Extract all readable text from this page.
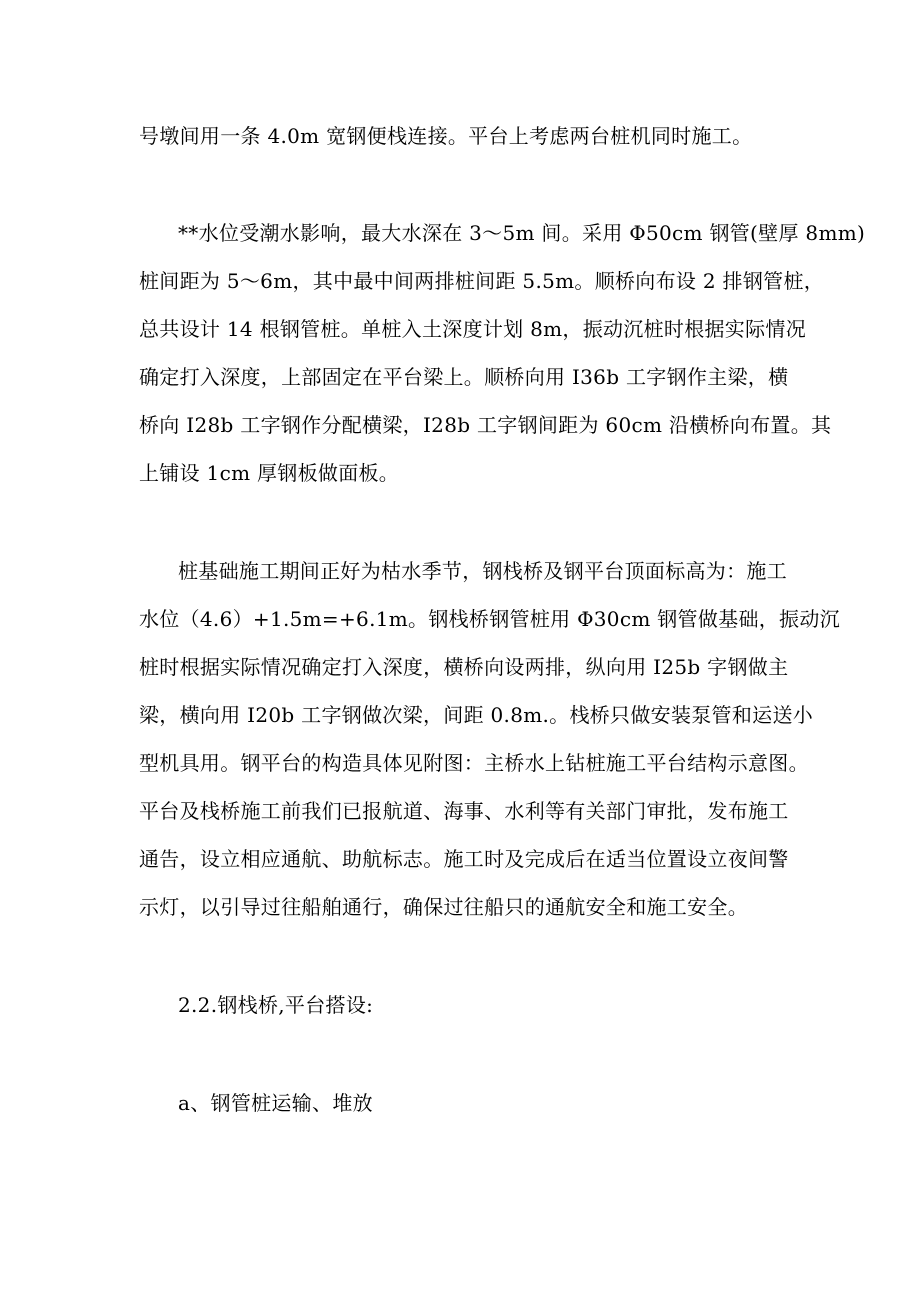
号墩间用一条 4.0m 宽钢便栈连接。平台上考虑两台桩机同时施工。
**水位受潮水影响，最大水深在 3～5m 间。采用 Φ50cm 钢管(壁厚 8mm)
桩间距为 5～6m，其中最中间两排桩间距 5.5m。顺桥向布设 2 排钢管桩，
总共设计 14 根钢管桩。单桩入土深度计划 8m，振动沉桩时根据实际情况
确定打入深度，上部固定在平台梁上。顺桥向用 I36b 工字钢作主梁，横
桥向 I28b 工字钢作分配横梁，I28b 工字钢间距为 60cm 沿横桥向布置。其
上铺设 1cm 厚钢板做面板。
桩基础施工期间正好为枯水季节，钢栈桥及钢平台顶面标高为：施工
水位（4.6）+1.5m=+6.1m。钢栈桥钢管桩用 Φ30cm 钢管做基础，振动沉
桩时根据实际情况确定打入深度，横桥向设两排，纵向用 I25b 字钢做主
梁，横向用 I20b 工字钢做次梁，间距 0.8m.。栈桥只做安装泵管和运送小
型机具用。钢平台的构造具体见附图：主桥水上钻桩施工平台结构示意图。
平台及栈桥施工前我们已报航道、海事、水利等有关部门审批，发布施工
通告，设立相应通航、助航标志。施工时及完成后在适当位置设立夜间警
示灯，以引导过往船舶通行，确保过往船只的通航安全和施工安全。
2.2.钢栈桥,平台搭设:
a、钢管桩运输、堆放
